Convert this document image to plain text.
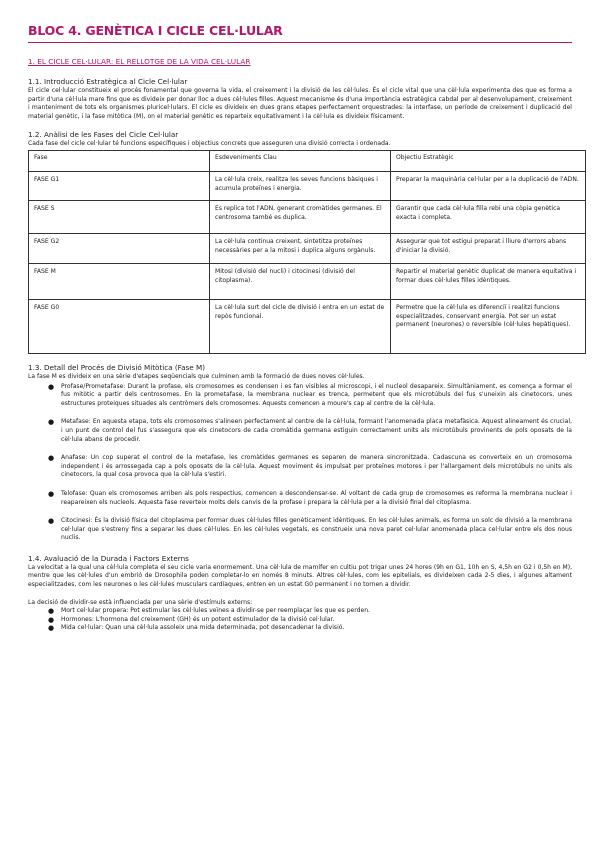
BLOC 4. GENÈTICA I CICLE CEL·LULAR
1. EL CICLE CEL·LULAR: EL RELLOTGE DE LA VIDA CEL·LULAR
1.1. Introducció Estratègica al Cicle Cel·lular

El cicle cel·lular constitueix el procés fonamental que governa la vida, el creixement i la divisió de les cèl·lules. És el cicle vital que una cèl·lula experimenta des que es forma a partir d'una cèl·lula mare fins que es divideix per donar lloc a dues cèl·lules filles. Aquest mecanisme és d'una importància estratègica cabdal per al desenvolupament, creixement i manteniment de tots els organismes pluricel·lulars. El cicle es divideix en dues grans etapes perfectament orquestrades: la interfase, un període de creixement i duplicació del material genètic, i la fase mitòtica (M), on el material genètic es reparteix equitativament i la cèl·lula es divideix físicament.

1.2. Anàlisi de les Fases del Cicle Cel·lular

Cada fase del cicle cel·lular té funcions específiques i objectius concrets que asseguren una divisió correcta i ordenada.

Fase	Esdeveniments Clau	Objectiu Estratègic
FASE G1	La cèl·lula creix, realitza les seves funcions bàsiques i acumula proteïnes i energia.	Preparar la maquinària cel·lular per a la duplicació de l'ADN.
FASE S	Es replica tot l'ADN, generant cromàtides germanes. El centrosoma també es duplica.	Garantir que cada cèl·lula filla rebi una còpia genètica exacta i completa.
FASE G2	La cèl·lula continua creixent, sintetitza proteïnes necessàries per a la mitosi i duplica alguns orgànuls.	Assegurar que tot estigui preparat i lliure d'errors abans d'iniciar la divisió.
FASE M	Mitosi (divisió del nucli) i citocinesi (divisió del citoplasma).	Repartir el material genètic duplicat de manera equitativa i formar dues cèl·lules filles idèntiques.
FASE G0	La cèl·lula surt del cicle de divisió i entra en un estat de repòs funcional.	Permetre que la cèl·lula es diferenciï i realitzi funcions especialitzades, conservant energia. Pot ser un estat permanent (neurones) o reversible (cèl·lules hepàtiques).
1.3. Detall del Procés de Divisió Mitòtica (Fase M)

La fase M es divideix en una sèrie d'etapes seqüencials que culminen amb la formació de dues noves cèl·lules.

● Profase/Prometafase: Durant la profase, els cromosomes es condensen i es fan visibles al microscopi, i el nucleol desapareix. Simultàniament, es comença a formar el fus mitòtic a partir dels centrosomes. En la prometafase, la membrana nuclear es trenca, permetent que els microtúbuls del fus s'uneixin als cinetocors, unes estructures proteiques situades als centròmers dels cromosomes. Aquests comencen a moure's cap al centre de la cèl·lula.
● Metafase: En aquesta etapa, tots els cromosomes s'alineen perfectament al centre de la cèl·lula, formant l'anomenada placa metafàsica. Aquest alineament és crucial, i un punt de control del fus s'assegura que els cinetocors de cada cromàtida germana estiguin correctament units als microtúbuls provinents de pols oposats de la cèl·lula abans de procedir.
● Anafase: Un cop superat el control de la metafase, les cromàtides germanes es separen de manera sincronitzada. Cadascuna es converteix en un cromosoma independent i és arrossegada cap a pols oposats de la cèl·lula. Aquest moviment és impulsat per proteïnes motores i per l'allargament dels microtúbuls no units als cinetocors, la qual cosa provoca que la cèl·lula s'estiri.
● Telofase: Quan els cromosomes arriben als pols respectius, comencen a descondensar-se. Al voltant de cada grup de cromosomes es reforma la membrana nuclear i reapareixen els nucleols. Aquesta fase reverteix molts dels canvis de la profase i prepara la cèl·lula per a la divisió final del citoplasma.
● Citocinesi: És la divisió física del citoplasma per formar dues cèl·lules filles genèticament idèntiques. En les cèl·lules animals, es forma un solc de divisió a la membrana cel·lular que s'estreny fins a separar les dues cèl·lules. En les cèl·lules vegetals, es construeix una nova paret cel·lular anomenada placa cel·lular entre els dos nous nuclis.
1.4. Avaluació de la Durada i Factors Externs

La velocitat a la qual una cèl·lula completa el seu cicle varia enormement. Una cèl·lula de mamífer en cultiu pot trigar unes 24 hores (9h en G1, 10h en S, 4,5h en G2 i 0,5h en M), mentre que les cèl·lules d'un embrió de Drosophila poden completar-lo en només 8 minuts. Altres cèl·lules, com les epitelials, es divideixen cada 2-5 dies, i algunes altament especialitzades, com les neurones o les cèl·lules musculars cardíaques, entren en un estat G0 permanent i no tornen a dividir.

La decisió de dividir-se està influenciada per una sèrie d'estímuls externs:

● Mort cel·lular propera: Pot estimular les cèl·lules veïnes a dividir-se per reemplaçar les que es perden.
● Hormones: L'hormona del creixement (GH) és un potent estimulador de la divisió cel·lular.
● Mida cel·lular: Quan una cèl·lula assoleix una mida determinada, pot desencadenar la divisió.
